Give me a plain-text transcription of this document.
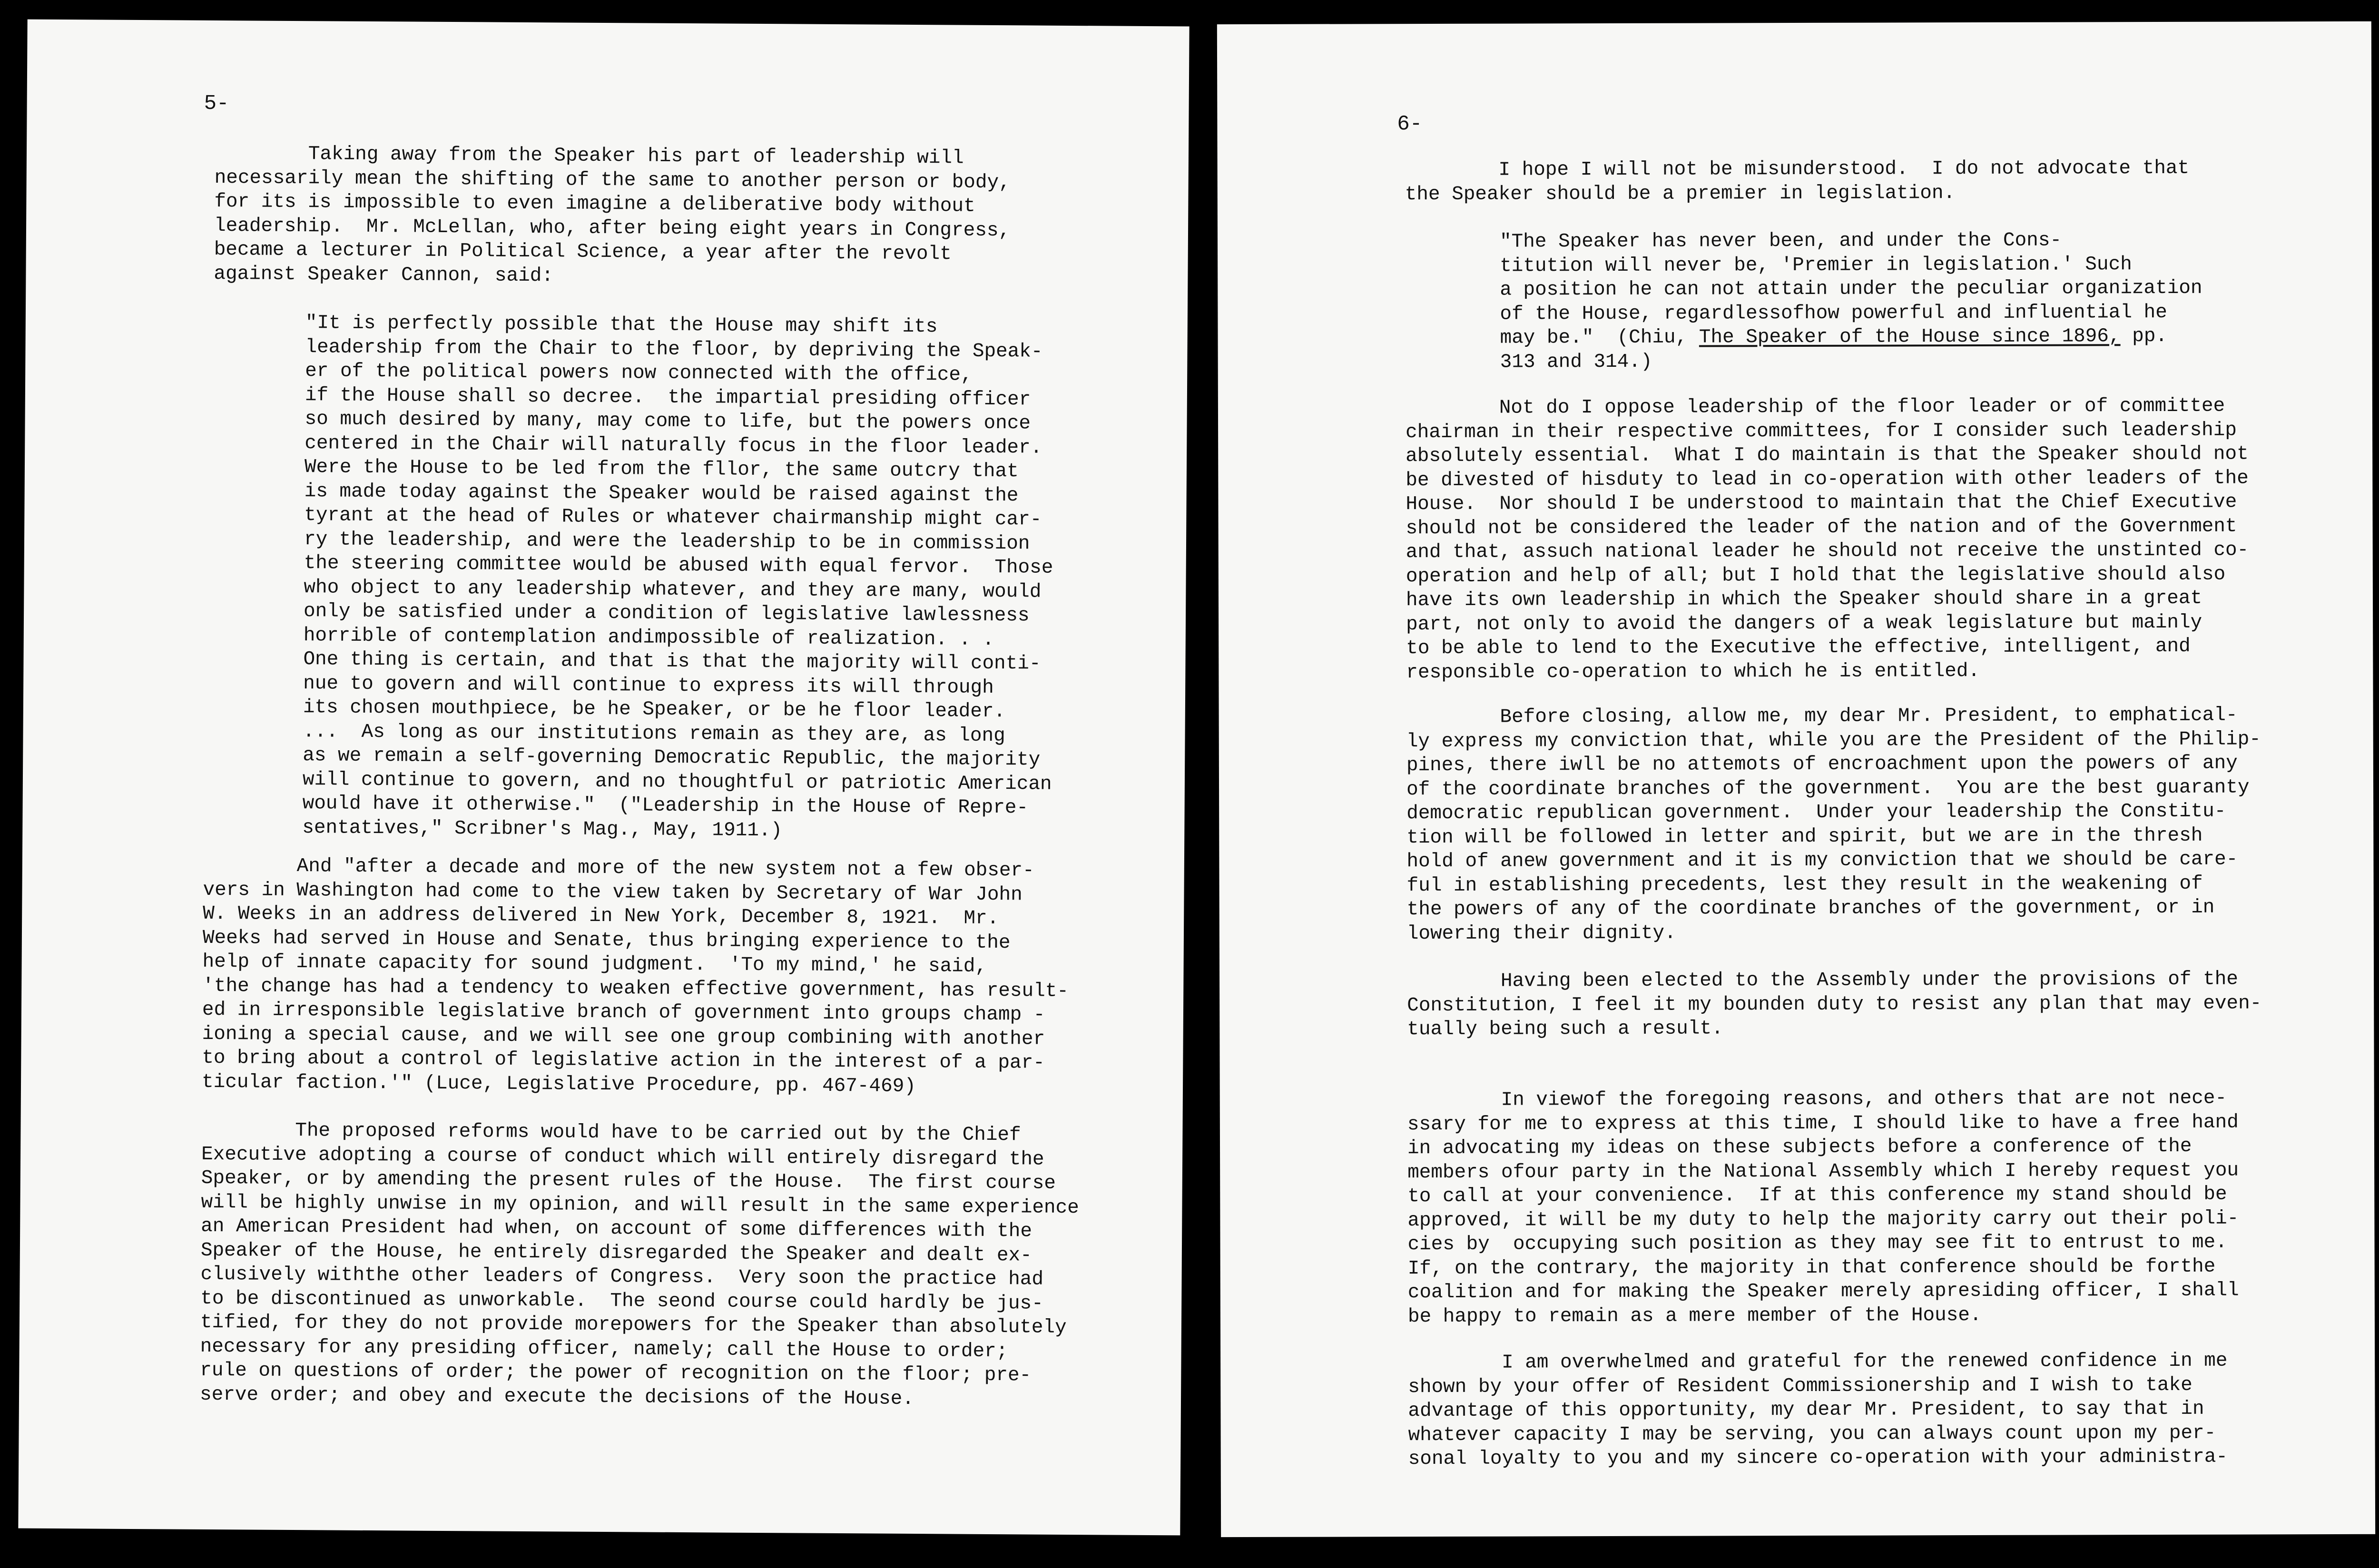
5-
Taking away from the Speaker his part of leadership will
necessarily mean the shifting of the same to another person or body,
for its is impossible to even imagine a deliberative body without
leadership.  Mr. McLellan, who, after being eight years in Congress,
became a lecturer in Political Science, a year after the revolt
against Speaker Cannon, said:
"It is perfectly possible that the House may shift its
leadership from the Chair to the floor, by depriving the Speak-
er of the political powers now connected with the office,
if the House shall so decree.  the impartial presiding officer
so much desired by many, may come to life, but the powers once
centered in the Chair will naturally focus in the floor leader.
Were the House to be led from the fllor, the same outcry that
is made today against the Speaker would be raised against the
tyrant at the head of Rules or whatever chairmanship might car-
ry the leadership, and were the leadership to be in commission
the steering committee would be abused with equal fervor.  Those
who object to any leadership whatever, and they are many, would
only be satisfied under a condition of legislative lawlessness
horrible of contemplation andimpossible of realization. . .
One thing is certain, and that is that the majority will conti-
nue to govern and will continue to express its will through
its chosen mouthpiece, be he Speaker, or be he floor leader.
...  As long as our institutions remain as they are, as long
as we remain a self-governing Democratic Republic, the majority
will continue to govern, and no thoughtful or patriotic American
would have it otherwise."  ("Leadership in the House of Repre-
sentatives," Scribner's Mag., May, 1911.)
And "after a decade and more of the new system not a few obser-
vers in Washington had come to the view taken by Secretary of War John
W. Weeks in an address delivered in New York, December 8, 1921.  Mr.
Weeks had served in House and Senate, thus bringing experience to the
help of innate capacity for sound judgment.  'To my mind,' he said,
'the change has had a tendency to weaken effective government, has result-
ed in irresponsible legislative branch of government into groups champ -
ioning a special cause, and we will see one group combining with another
to bring about a control of legislative action in the interest of a par-
ticular faction.'" (Luce, Legislative Procedure, pp. 467-469)
The proposed reforms would have to be carried out by the Chief
Executive adopting a course of conduct which will entirely disregard the
Speaker, or by amending the present rules of the House.  The first course
will be highly unwise in my opinion, and will result in the same experience
an American President had when, on account of some differences with the
Speaker of the House, he entirely disregarded the Speaker and dealt ex-
clusively withthe other leaders of Congress.  Very soon the practice had
to be discontinued as unworkable.  The seond course could hardly be jus-
tified, for they do not provide morepowers for the Speaker than absolutely
necessary for any presiding officer, namely; call the House to order;
rule on questions of order; the power of recognition on the floor; pre-
serve order; and obey and execute the decisions of the House.
6-
I hope I will not be misunderstood.  I do not advocate that
the Speaker should be a premier in legislation.
"The Speaker has never been, and under the Cons-
titution will never be, 'Premier in legislation.' Such
a position he can not attain under the peculiar organization
of the House, regardlessofhow powerful and influential he
may be."  (Chiu, The Speaker of the House since 1896, pp.
313 and 314.)
Not do I oppose leadership of the floor leader or of committee
chairman in their respective committees, for I consider such leadership
absolutely essential.  What I do maintain is that the Speaker should not
be divested of hisduty to lead in co-operation with other leaders of the
House.  Nor should I be understood to maintain that the Chief Executive
should not be considered the leader of the nation and of the Government
and that, assuch national leader he should not receive the unstinted co-
operation and help of all; but I hold that the legislative should also
have its own leadership in which the Speaker should share in a great
part, not only to avoid the dangers of a weak legislature but mainly
to be able to lend to the Executive the effective, intelligent, and
responsible co-operation to which he is entitled.
Before closing, allow me, my dear Mr. President, to emphatical-
ly express my conviction that, while you are the President of the Philip-
pines, there iwll be no attemots of encroachment upon the powers of any
of the coordinate branches of the government.  You are the best guaranty
democratic republican government.  Under your leadership the Constitu-
tion will be followed in letter and spirit, but we are in the thresh
hold of anew government and it is my conviction that we should be care-
ful in establishing precedents, lest they result in the weakening of
the powers of any of the coordinate branches of the government, or in
lowering their dignity.
Having been elected to the Assembly under the provisions of the
Constitution, I feel it my bounden duty to resist any plan that may even-
tually being such a result.
In viewof the foregoing reasons, and others that are not nece-
ssary for me to express at this time, I should like to have a free hand
in advocating my ideas on these subjects before a conference of the
members ofour party in the National Assembly which I hereby request you
to call at your convenience.  If at this conference my stand should be
approved, it will be my duty to help the majority carry out their poli-
cies by  occupying such position as they may see fit to entrust to me.
If, on the contrary, the majority in that conference should be forthe
coalition and for making the Speaker merely apresiding officer, I shall
be happy to remain as a mere member of the House.
I am overwhelmed and grateful for the renewed confidence in me
shown by your offer of Resident Commissionership and I wish to take
advantage of this opportunity, my dear Mr. President, to say that in
whatever capacity I may be serving, you can always count upon my per-
sonal loyalty to you and my sincere co-operation with your administra-
